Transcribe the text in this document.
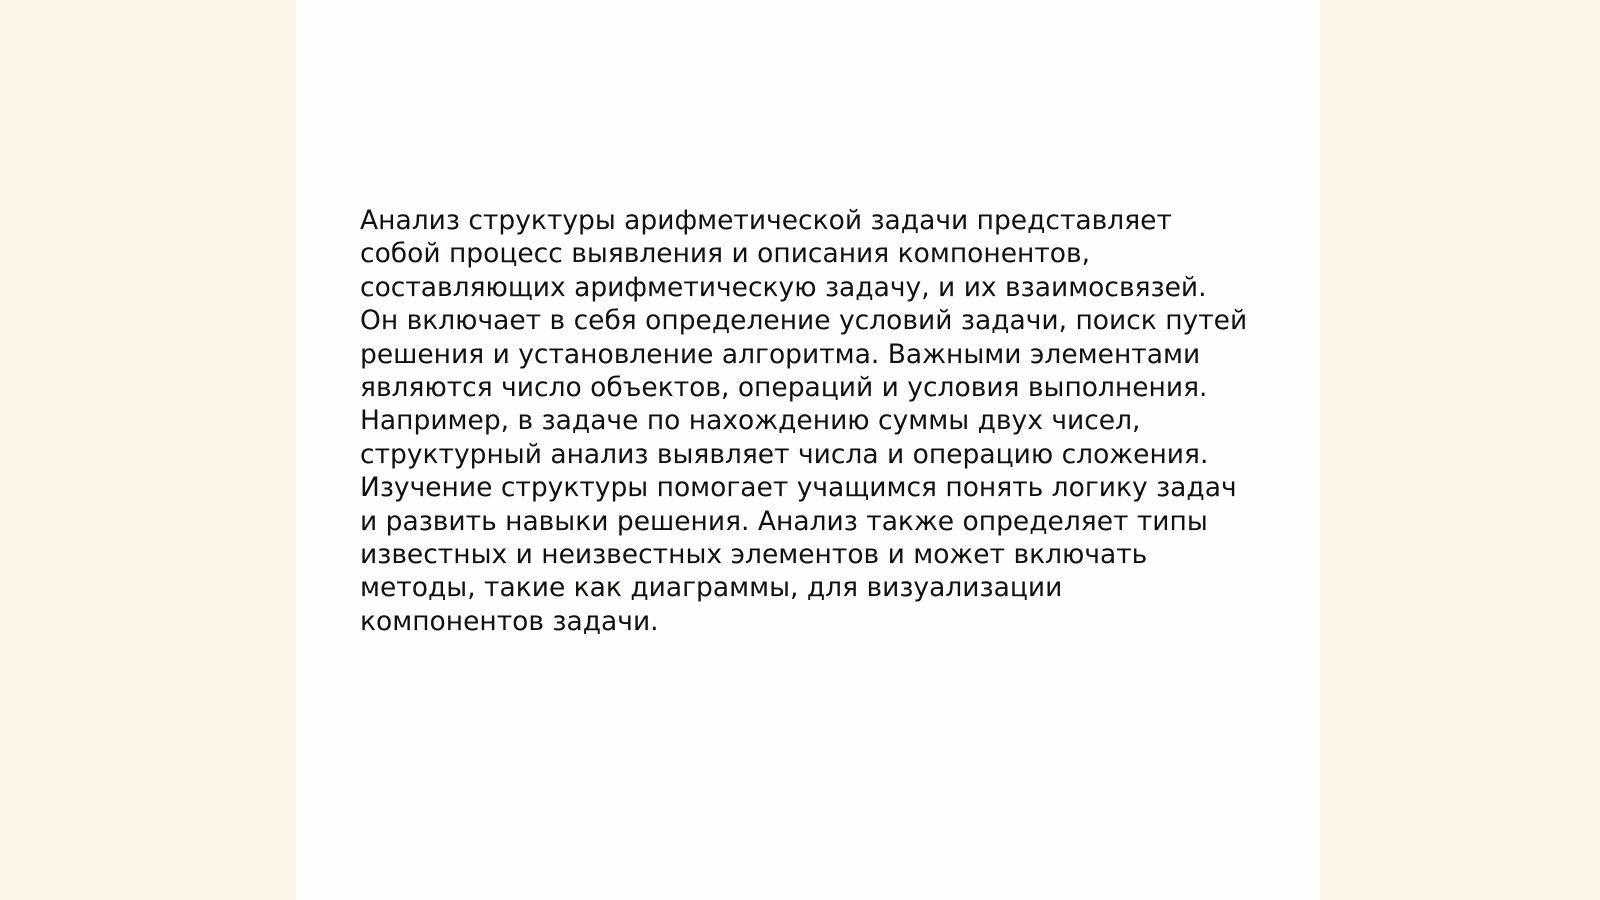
Анализ структуры арифметической задачи представляет собой процесс выявления и описания компонентов, составляющих арифметическую задачу, и их взаимосвязей. Он включает в себя определение условий задачи, поиск путей решения и установление алгоритма. Важными элементами являются число объектов, операций и условия выполнения. Например, в задаче по нахождению суммы двух чисел, структурный анализ выявляет числа и операцию сложения. Изучение структуры помогает учащимся понять логику задач и развить навыки решения. Анализ также определяет типы известных и неизвестных элементов и может включать методы, такие как диаграммы, для визуализации компонентов задачи.
